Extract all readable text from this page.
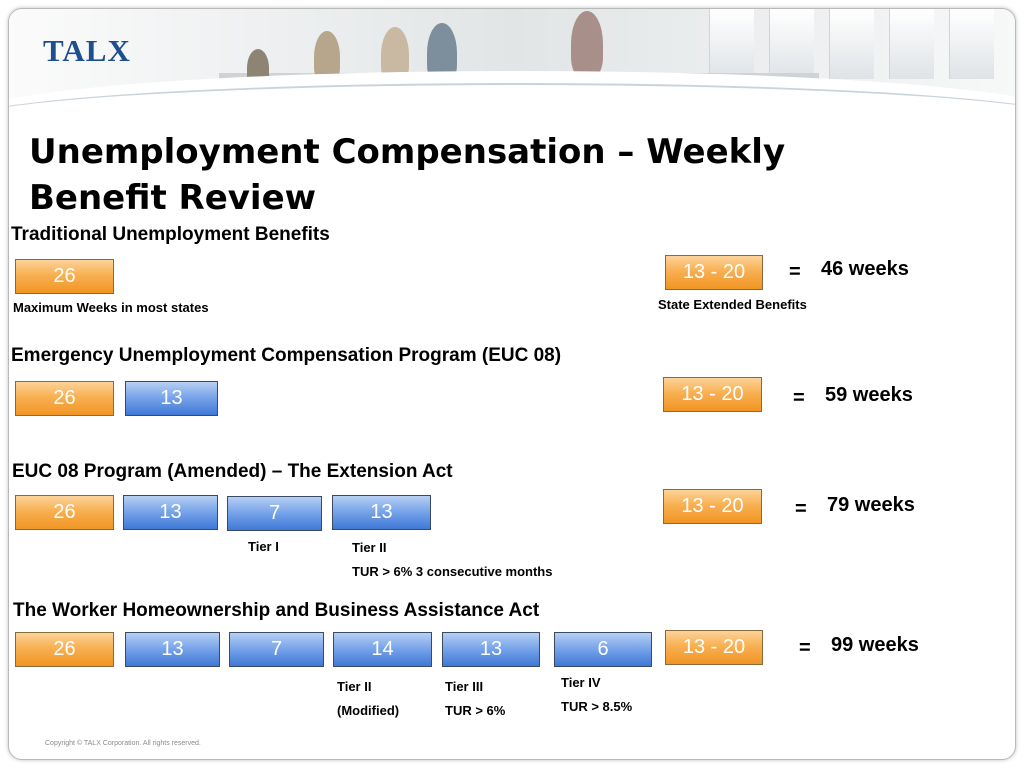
TALX
Unemployment Compensation – Weekly
Benefit Review
Traditional Unemployment Benefits
26
Maximum Weeks in most states
13 - 20
State Extended Benefits
= 46 weeks
Emergency Unemployment Compensation Program (EUC 08)
26	13	13 - 20	= 59 weeks
EUC 08 Program (Amended) – The Extension Act
26	13	7	13
Tier I	Tier II
TUR > 6% 3 consecutive months
13 - 20	= 79 weeks
The Worker Homeownership and Business Assistance Act
26	13	7	14	13	6	13 - 20
Tier II
(Modified)
Tier III
TUR > 6%
Tier IV
TUR > 8.5%
= 99 weeks
Copyright © TALX Corporation. All rights reserved.
